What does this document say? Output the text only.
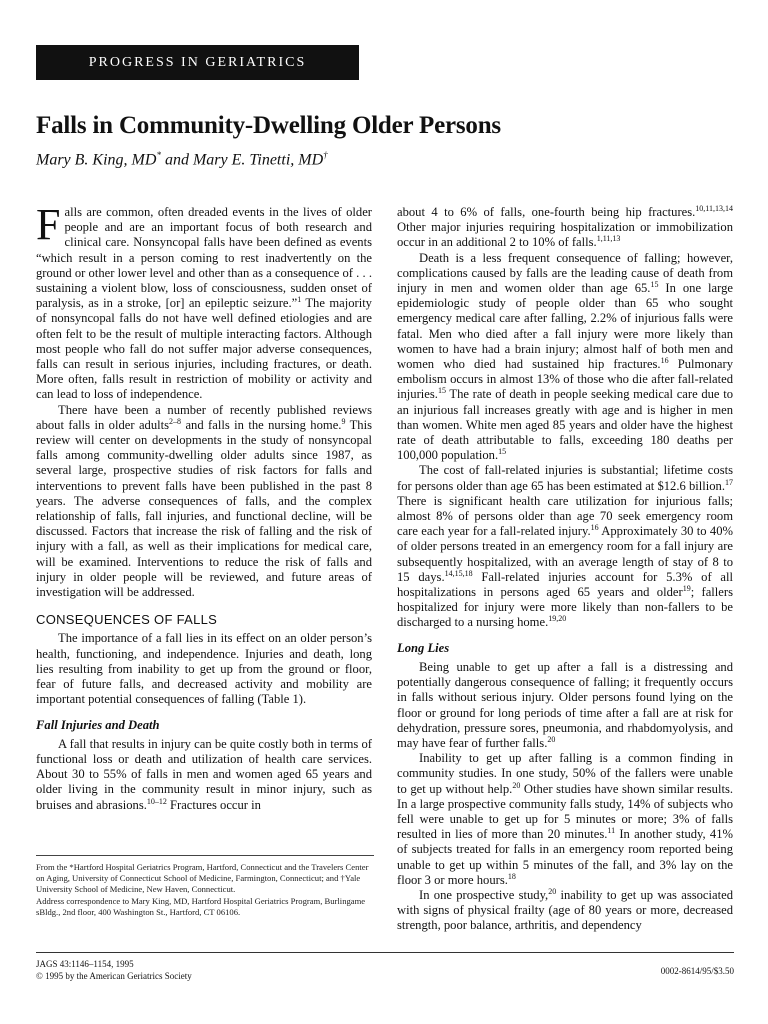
PROGRESS IN GERIATRICS
Falls in Community-Dwelling Older Persons

Mary B. King, MD* and Mary E. Tinetti, MD†

Falls are common, often dreaded events in the lives of older people and are an important focus of both research and clinical care. Nonsyncopal falls have been defined as events “which result in a person coming to rest inadvertently on the ground or other lower level and other than as a consequence of . . . sustaining a violent blow, loss of consciousness, sudden onset of paralysis, as in a stroke, [or] an epileptic seizure.”$^1$ The majority of nonsyncopal falls do not have well defined etiologies and are often felt to be the result of multiple interacting factors. Although most people who fall do not suffer major adverse consequences, falls can result in serious injuries, including fractures, or death. More often, falls result in restriction of mobility or activity and can lead to loss of independence.

There have been a number of recently published reviews about falls in older adults$^{2-8}$ and falls in the nursing home.$^9$ This review will center on developments in the study of nonsyncopal falls among community-dwelling older adults since 1987, as several large, prospective studies of risk factors for falls and interventions to prevent falls have been published in the past 8 years. The adverse consequences of falls, and the complex relationship of falls, fall injuries, and functional decline, will be discussed. Factors that increase the risk of falling and the risk of injury with a fall, as well as their implications for medical care, will be examined. Interventions to reduce the risk of falls and injury in older people will be reviewed, and future areas of investigation will be addressed.

CONSEQUENCES OF FALLS

The importance of a fall lies in its effect on an older person’s health, functioning, and independence. Injuries and death, long lies resulting from inability to get up from the ground or floor, fear of future falls, and decreased activity and mobility are important potential consequences of falling (Table 1).

Fall Injuries and Death

A fall that results in injury can be quite costly both in terms of functional loss or death and utilization of health care services. About 30 to 55% of falls in men and women aged 65 years and older living in the community result in minor injury, such as bruises and abrasions.$^{10-12}$ Fractures occur in

about 4 to 6% of falls, one-fourth being hip fractures.$^{10,11,13,14}$ Other major injuries requiring hospitalization or immobilization occur in an additional 2 to 10% of falls.$^{1,11,13}$

Death is a less frequent consequence of falling; however, complications caused by falls are the leading cause of death from injury in men and women older than age 65.15 In one large epidemiologic study of people older than 65 who sought emergency medical care after falling, 2.2% of injurious falls were fatal. Men who died after a fall injury were more likely than women to have had a brain injury; almost half of both men and women who died had sustained hip fractures.$^{16}$ Pulmonary embolism occurs in almost 13% of those who die after fall-related injuries.$^{15}$ The rate of death in people seeking medical care due to an injurious fall increases greatly with age and is higher in men than women. White men aged 85 years and older have the highest rate of death attributable to falls, exceeding 180 deaths per 100,000 population.$^{15}$

The cost of fall-related injuries is substantial; lifetime costs for persons older than age 65 has been estimated at $12.6 billion.$^{17}$ There is significant health care utilization for injurious falls; almost 8% of persons older than age 70 seek emergency room care each year for a fall-related injury.$^{16}$ Approximately 30 to 40% of older persons treated in an emergency room for a fall injury are subsequently hospitalized, with an average length of stay of 8 to 15 days.$^{14,15,18}$ Fall-related injuries account for 5.3% of all hospitalizations in persons aged 65 years and older$^{19}$; fallers hospitalized for injury were more likely than non-fallers to be discharged to a nursing home.$^{19,20}$

Long Lies

Being unable to get up after a fall is a distressing and potentially dangerous consequence of falling; it frequently occurs in falls without serious injury. Older persons found lying on the floor or ground for long periods of time after a fall are at risk for dehydration, pressure sores, pneumonia, and rhabdomyolysis, and may have fear of further falls.$^{20}$

Inability to get up after falling is a common finding in community studies. In one study, 50% of the fallers were unable to get up without help.$^{20}$ Other studies have shown similar results. In a large prospective community falls study, 14% of subjects who fell were unable to get up for 5 minutes or more; 3% of falls resulted in lies of more than 20 minutes.$^{11}$ In another study, 41% of subjects treated for falls in an emergency room reported being unable to get up within 5 minutes of the fall, and 3% lay on the floor 3 or more hours.$^{18}$

In one prospective study,$^{20}$ inability to get up was associated with signs of physical frailty (age of 80 years or more, decreased strength, poor balance, arthritis, and dependency

From the *Hartford Hospital Geriatrics Program, Hartford, Connecticut and the Travelers Center on Aging, University of Connecticut School of Medicine, Farmington, Connecticut; and †Yale University School of Medicine, New Haven, Connecticut.

Address correspondence to Mary King, MD, Hartford Hospital Geriatrics Program, Burlingame sBldg., 2nd floor, 400 Washington St., Hartford, CT 06106.

JAGS 43:1146–1154, 1995
© 1995 by the American Geriatrics Society	0002-8614/95/$3.50
